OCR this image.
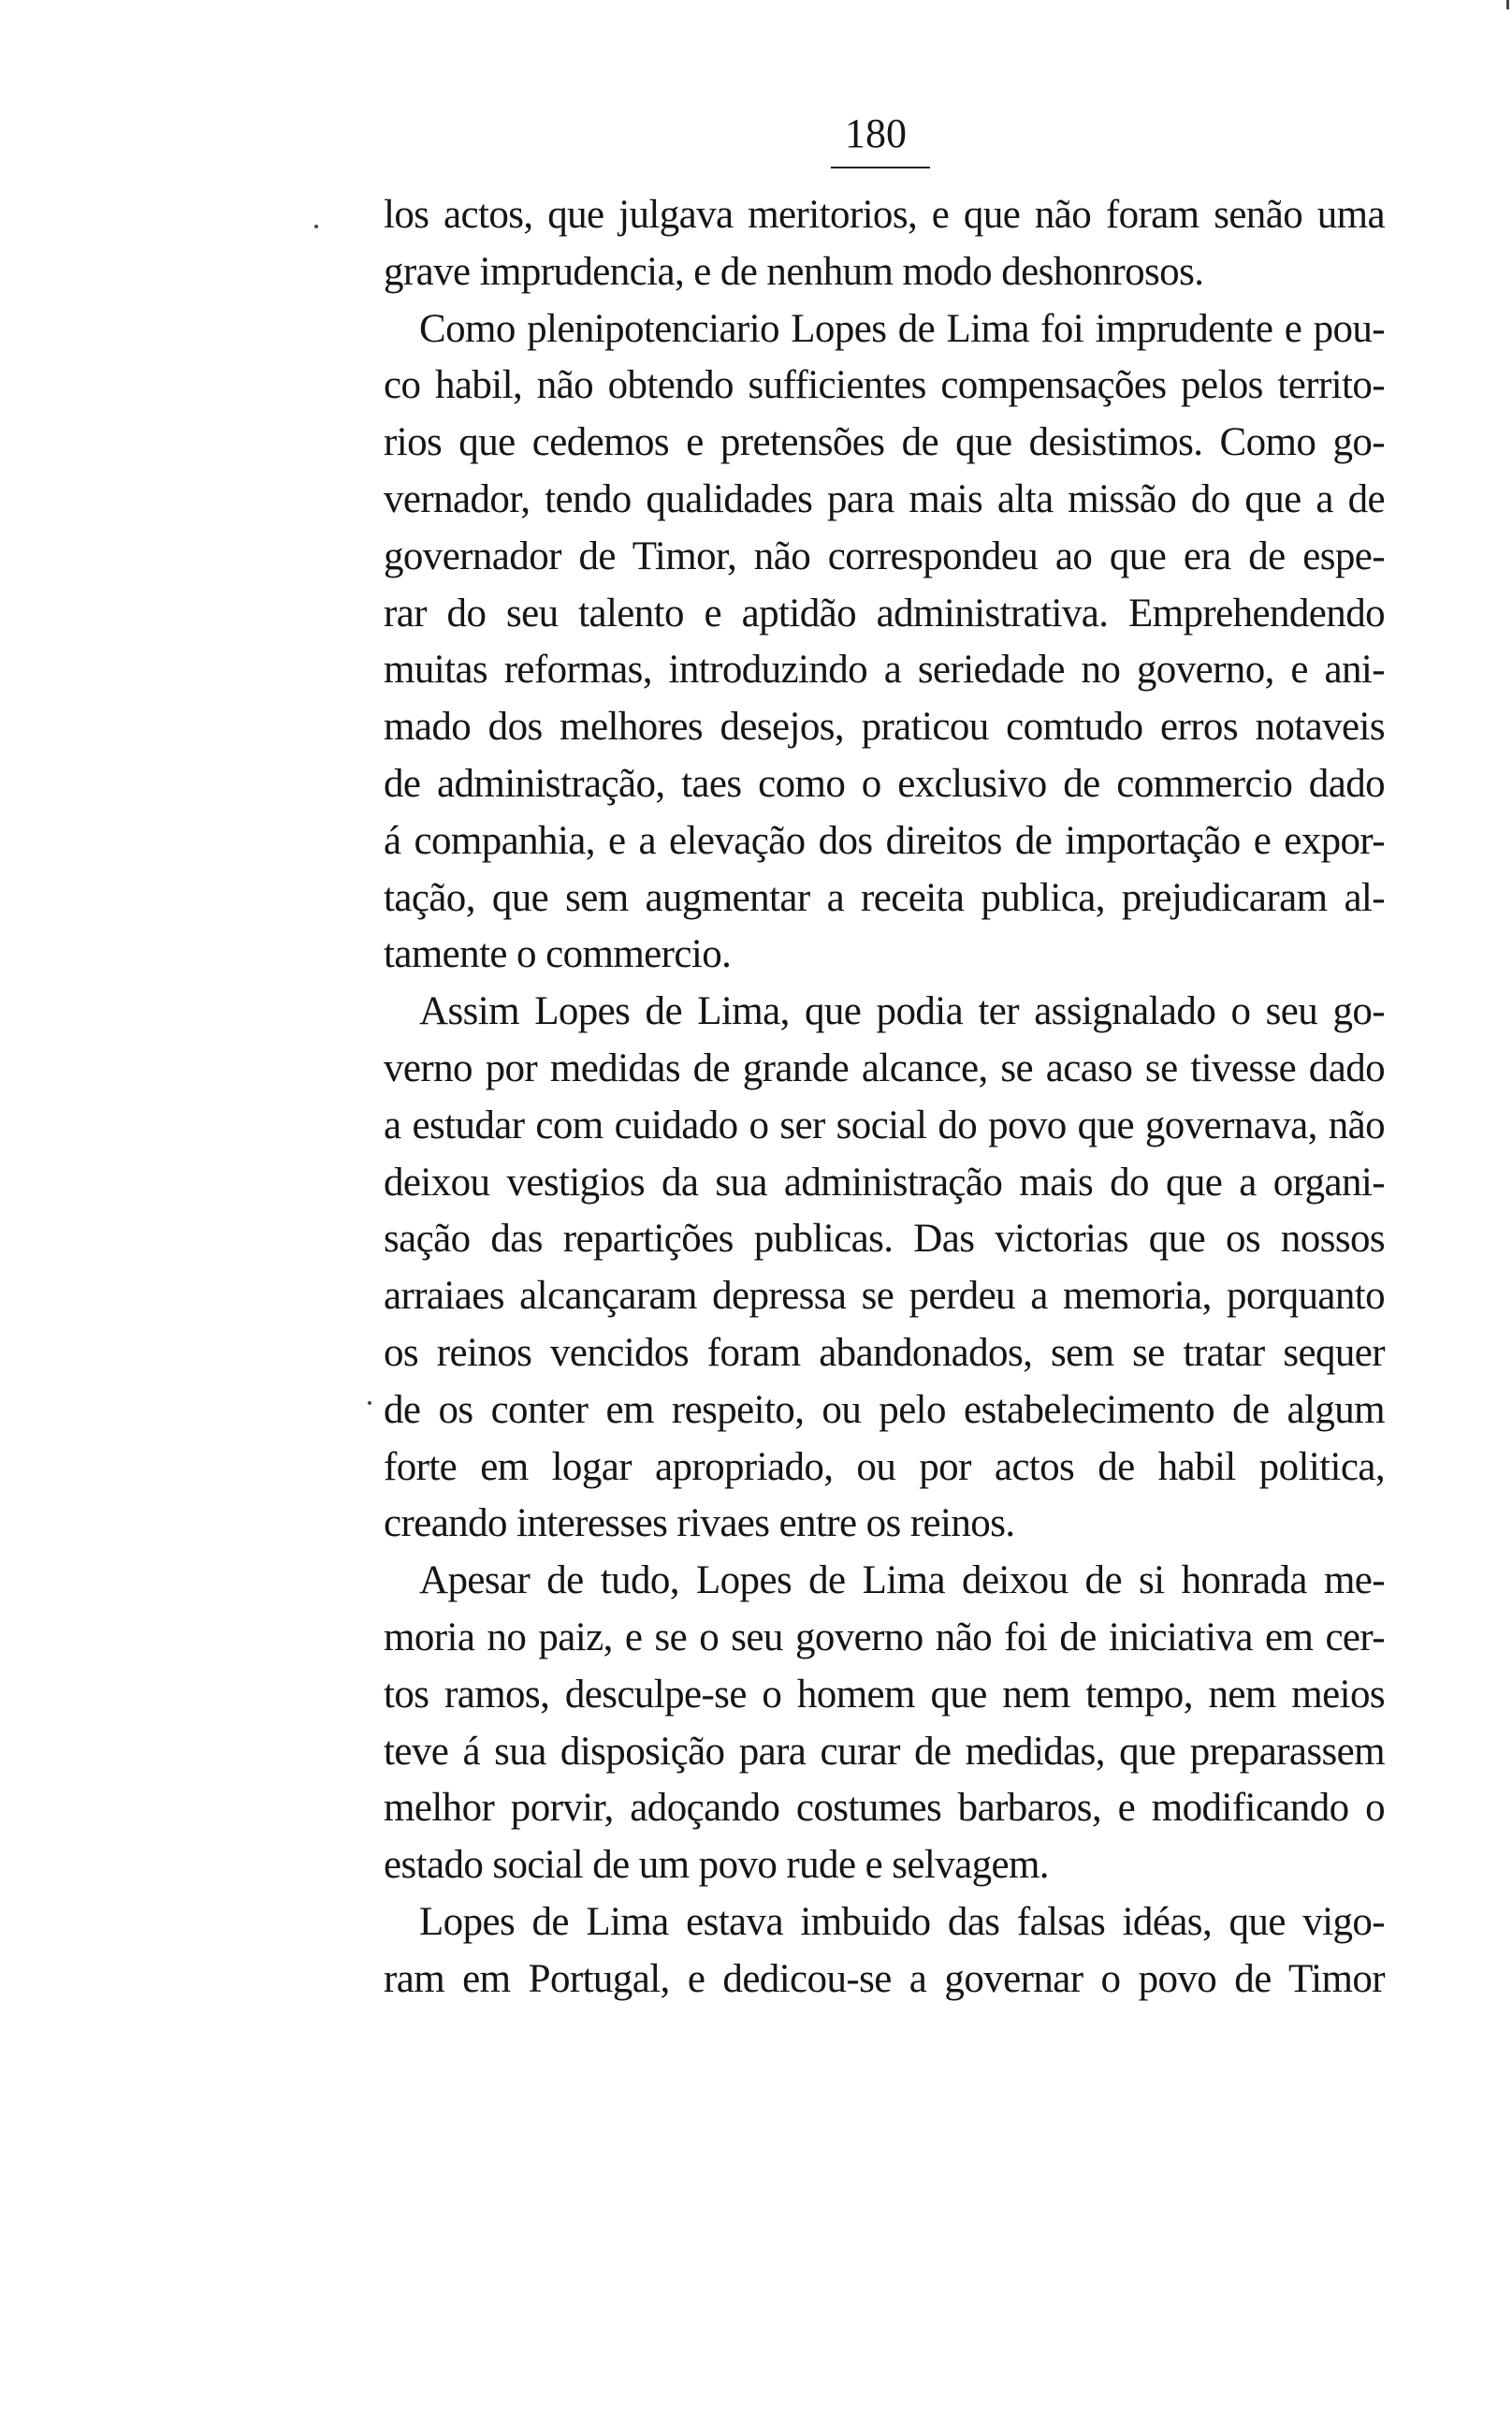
180
los actos, que julgava meritorios, e que não foram senão uma
grave imprudencia, e de nenhum modo deshonrosos.
Como plenipotenciario Lopes de Lima foi imprudente e pou-
co habil, não obtendo sufficientes compensações pelos territo-
rios que cedemos e pretensões de que desistimos. Como go-
vernador, tendo qualidades para mais alta missão do que a de
governador de Timor, não correspondeu ao que era de espe-
rar do seu talento e aptidão administrativa. Emprehendendo
muitas reformas, introduzindo a seriedade no governo, e ani-
mado dos melhores desejos, praticou comtudo erros notaveis
de administração, taes como o exclusivo de commercio dado
á companhia, e a elevação dos direitos de importação e expor-
tação, que sem augmentar a receita publica, prejudicaram al-
tamente o commercio.
Assim Lopes de Lima, que podia ter assignalado o seu go-
verno por medidas de grande alcance, se acaso se tivesse dado
a estudar com cuidado o ser social do povo que governava, não
deixou vestigios da sua administração mais do que a organi-
sação das repartições publicas. Das victorias que os nossos
arraiaes alcançaram depressa se perdeu a memoria, porquanto
os reinos vencidos foram abandonados, sem se tratar sequer
de os conter em respeito, ou pelo estabelecimento de algum
forte em logar apropriado, ou por actos de habil politica,
creando interesses rivaes entre os reinos.
Apesar de tudo, Lopes de Lima deixou de si honrada me-
moria no paiz, e se o seu governo não foi de iniciativa em cer-
tos ramos, desculpe-se o homem que nem tempo, nem meios
teve á sua disposição para curar de medidas, que preparassem
melhor porvir, adoçando costumes barbaros, e modificando o
estado social de um povo rude e selvagem.
Lopes de Lima estava imbuido das falsas idéas, que vigo-
ram em Portugal, e dedicou-se a governar o povo de Timor
